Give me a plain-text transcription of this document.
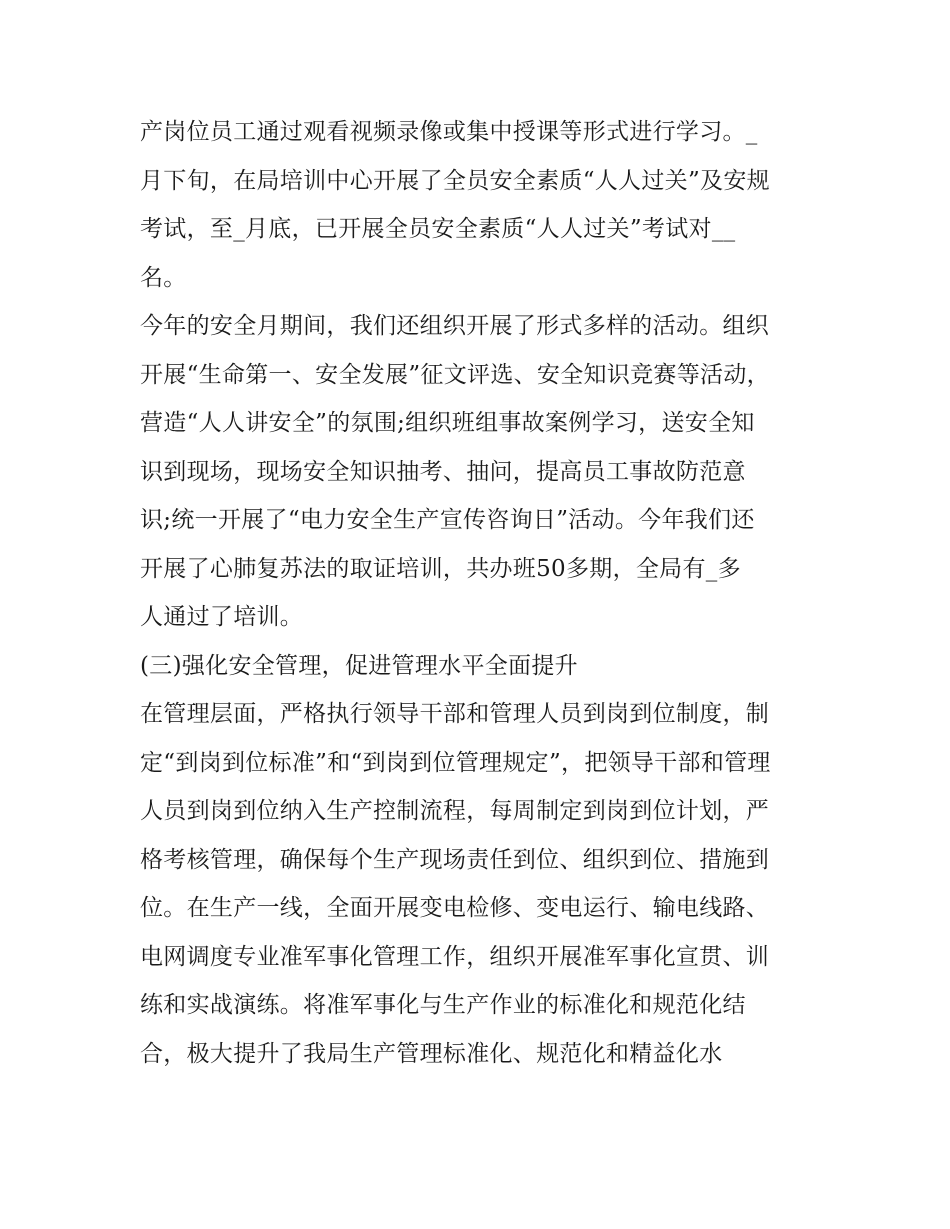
产岗位员工通过观看视频录像或集中授课等形式进行学习。_
月下旬，在局培训中心开展了全员安全素质“人人过关”及安规
考试，至_月底，已开展全员安全素质“人人过关”考试对__
名。
今年的安全月期间，我们还组织开展了形式多样的活动。组织
开展“生命第一、安全发展”征文评选、安全知识竞赛等活动，
营造“人人讲安全”的氛围;组织班组事故案例学习，送安全知
识到现场，现场安全知识抽考、抽问，提高员工事故防范意
识;统一开展了“电力安全生产宣传咨询日”活动。今年我们还
开展了心肺复苏法的取证培训，共办班50多期，全局有_多
人通过了培训。
(三)强化安全管理，促进管理水平全面提升
在管理层面，严格执行领导干部和管理人员到岗到位制度，制
定“到岗到位标准”和“到岗到位管理规定”，把领导干部和管理
人员到岗到位纳入生产控制流程，每周制定到岗到位计划，严
格考核管理，确保每个生产现场责任到位、组织到位、措施到
位。在生产一线，全面开展变电检修、变电运行、输电线路、
电网调度专业准军事化管理工作，组织开展准军事化宣贯、训
练和实战演练。将准军事化与生产作业的标准化和规范化结
合，极大提升了我局生产管理标准化、规范化和精益化水
